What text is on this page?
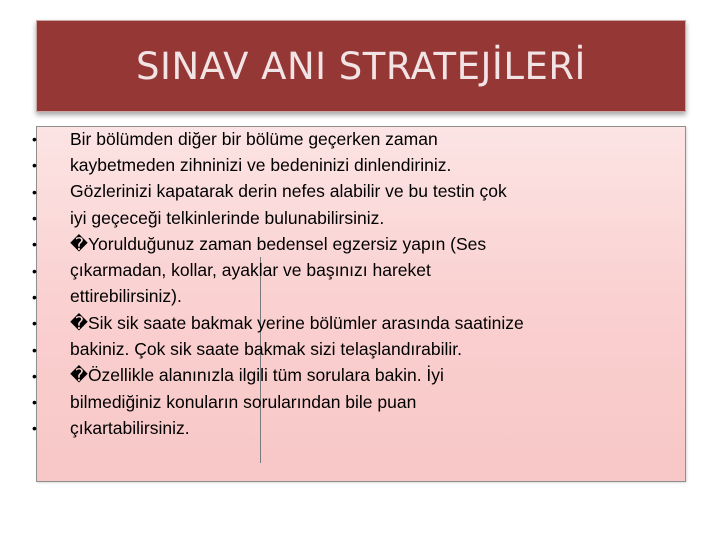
SINAV ANI STRATEJİLERİ
•	Bir bölümden diğer bir bölüme geçerken zaman
•	kaybetmeden zihninizi ve bedeninizi dinlendiriniz.
•	Gözlerinizi kapatarak derin nefes alabilir ve bu testin çok
•	iyi geçeceği telkinlerinde bulunabilirsiniz.
•	�Yorulduğunuz zaman bedensel egzersiz yapın (Ses
•	çıkarmadan, kollar, ayaklar ve başınızı hareket
•	ettirebilirsiniz).
•	�Sik sik saate bakmak yerine bölümler arasında saatinize
•	bakiniz. Çok sik saate bakmak sizi telaşlandırabilir.
•	�Özellikle alanınızla ilgili tüm sorulara bakin. İyi
•	bilmediğiniz konuların sorularından bile puan
•	çıkartabilirsiniz.
